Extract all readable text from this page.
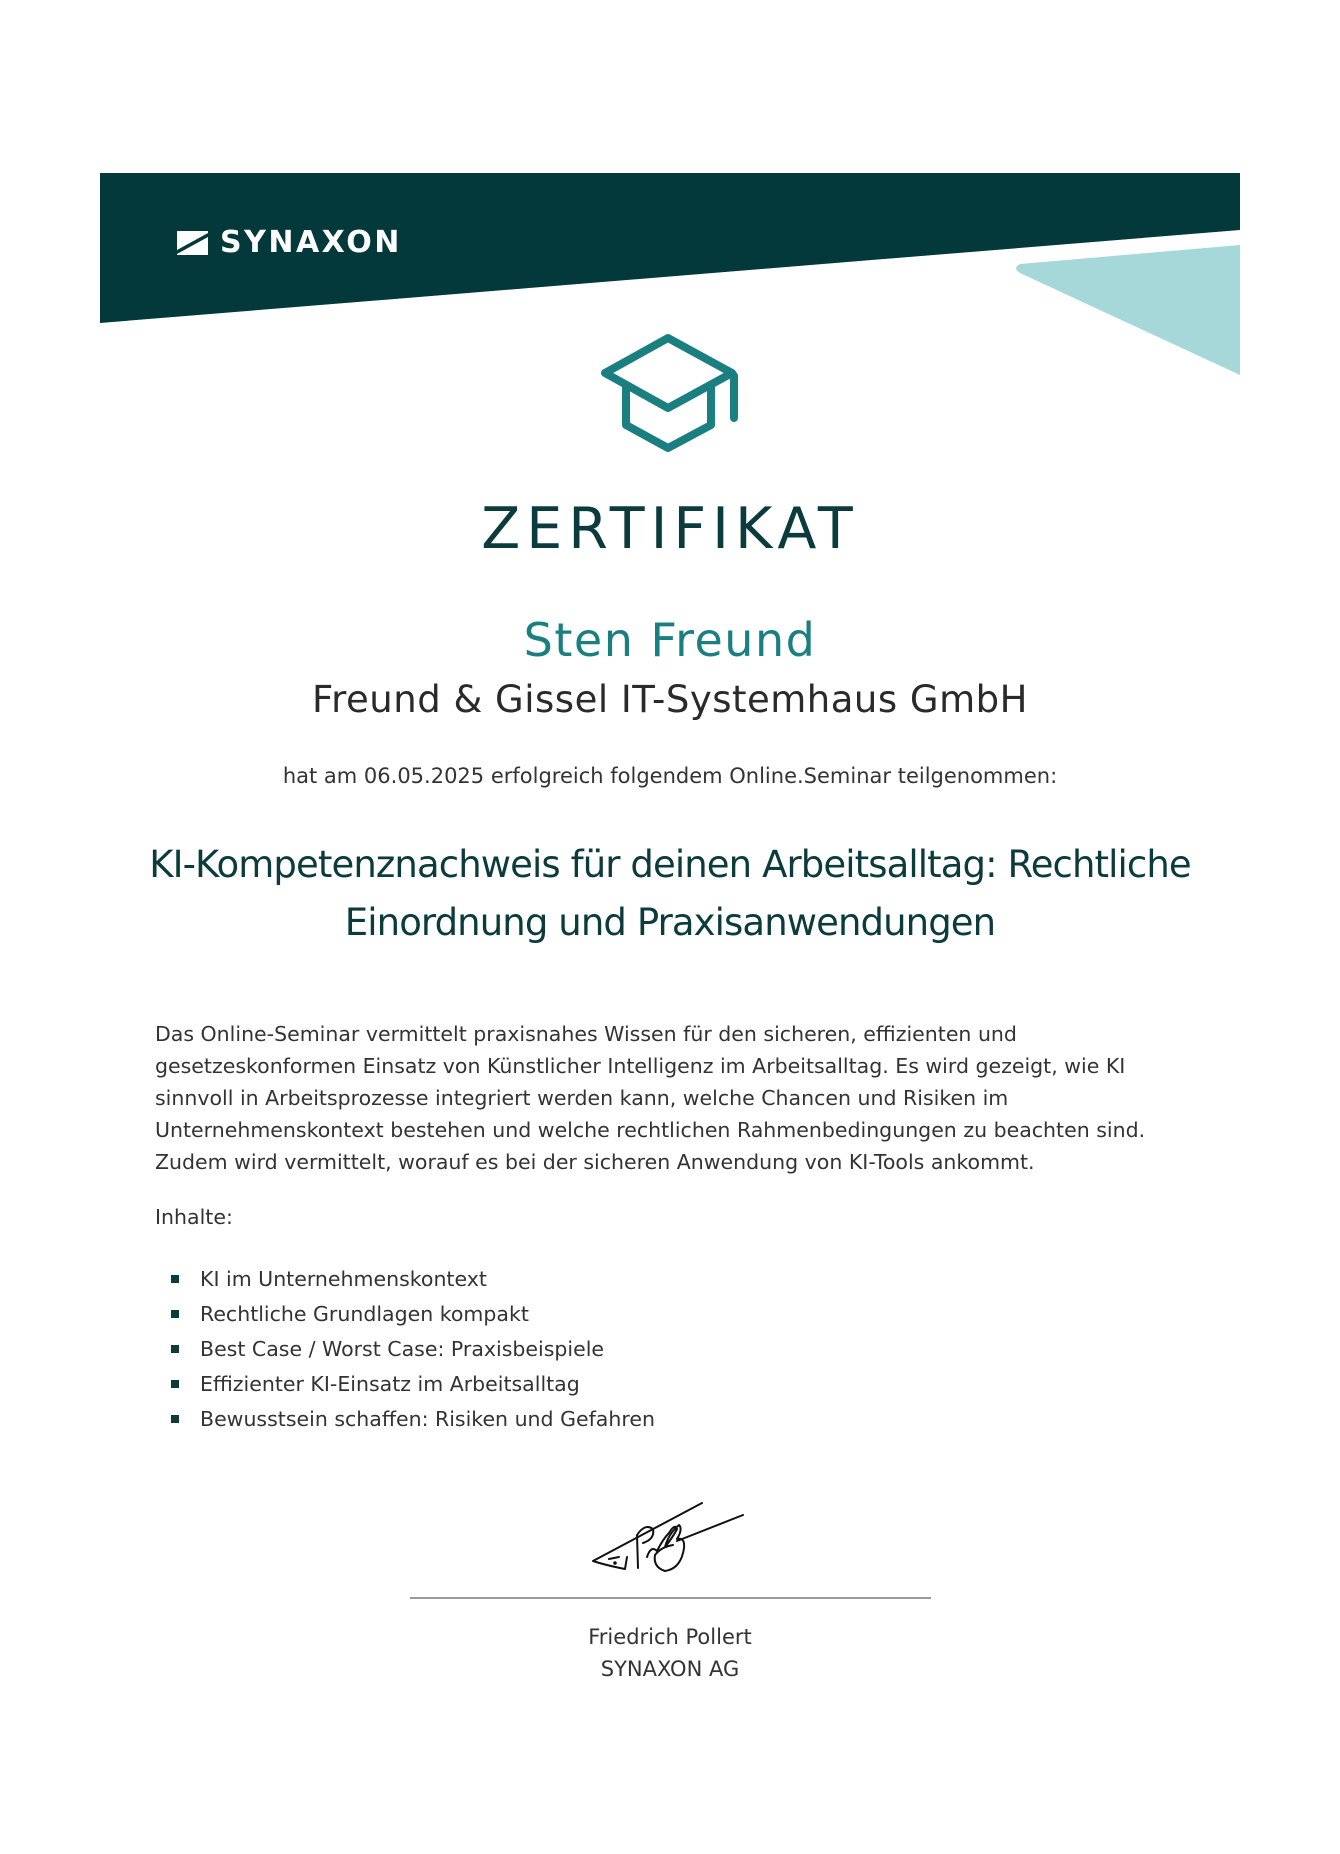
SYNAXON
ZERTIFIKAT
Sten Freund
Freund & Gissel IT-Systemhaus GmbH
hat am 06.05.2025 erfolgreich folgendem Online.Seminar teilgenommen:
KI-Kompetenznachweis für deinen Arbeitsalltag: Rechtliche
Einordnung und Praxisanwendungen

Das Online-Seminar vermittelt praxisnahes Wissen für den sicheren, effizienten und

gesetzeskonformen Einsatz von Künstlicher Intelligenz im Arbeitsalltag. Es wird gezeigt, wie KI

sinnvoll in Arbeitsprozesse integriert werden kann, welche Chancen und Risiken im

Unternehmenskontext bestehen und welche rechtlichen Rahmenbedingungen zu beachten sind.

Zudem wird vermittelt, worauf es bei der sicheren Anwendung von KI-Tools ankommt.

Inhalte:
KI im Unternehmenskontext
Rechtliche Grundlagen kompakt
Best Case / Worst Case: Praxisbeispiele
Effizienter KI-Einsatz im Arbeitsalltag
Bewusstsein schaffen: Risiken und Gefahren
Friedrich Pollert
SYNAXON AG
